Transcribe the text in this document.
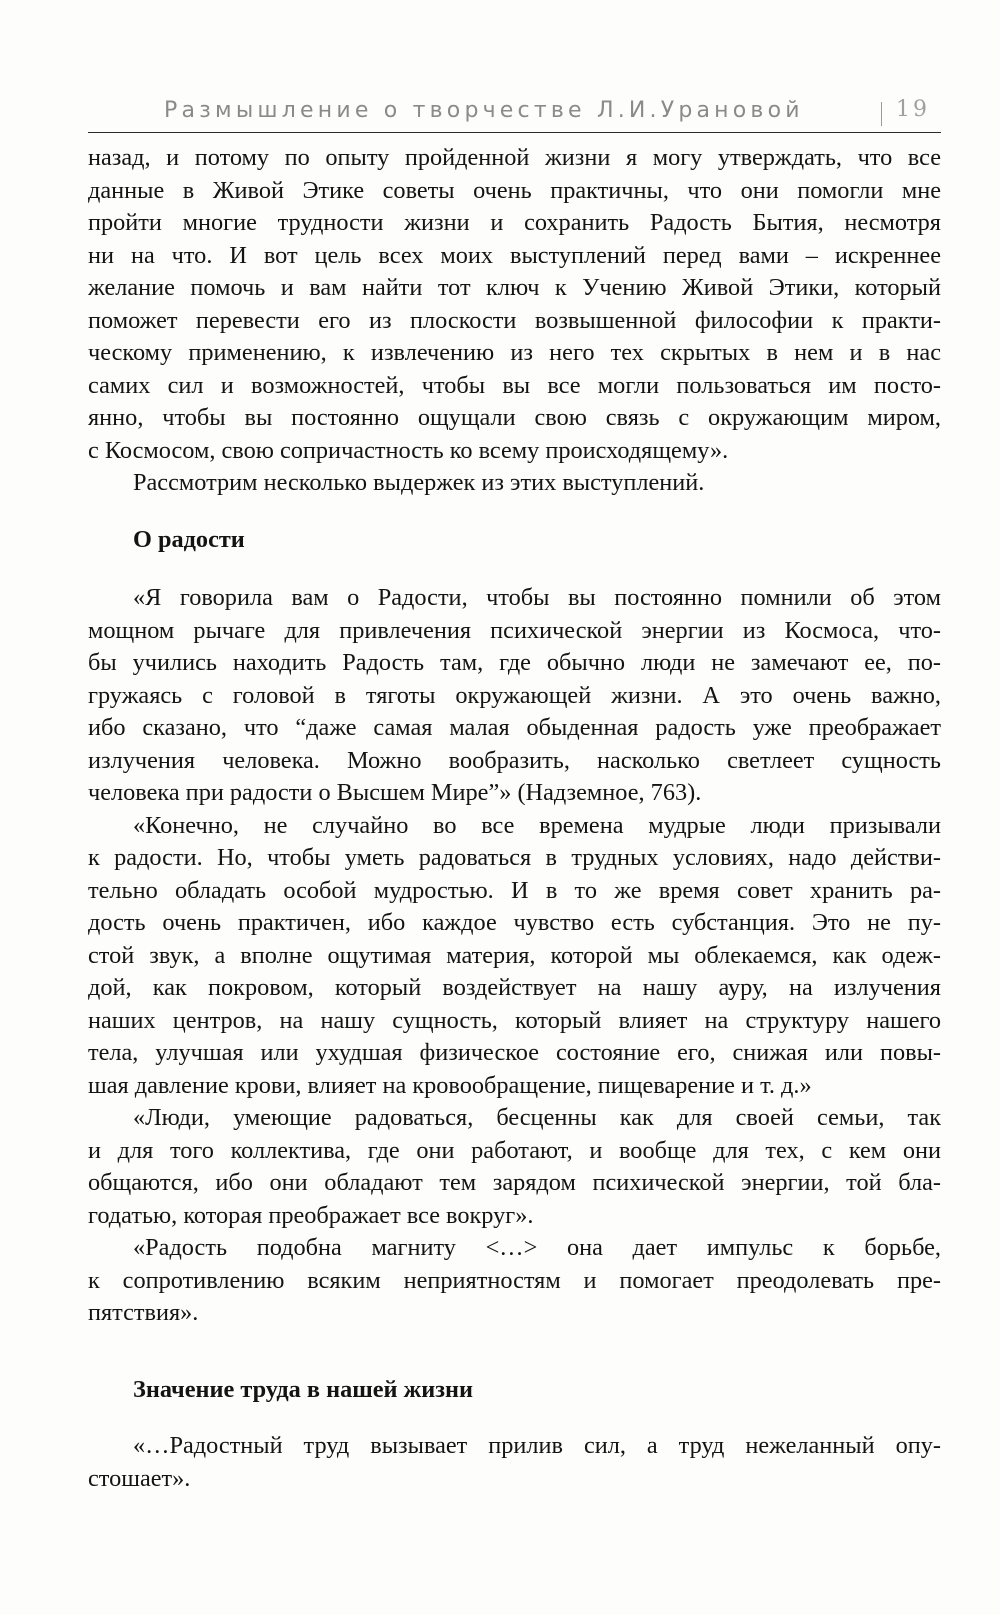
Размышление о творчестве Л.И.Урановой	19
назад, и потому по опыту пройденной жизни я могу утверждать, что все
данные в Живой Этике советы очень практичны, что они помогли мне
пройти многие трудности жизни и сохранить Радость Бытия, несмотря
ни на что. И вот цель всех моих выступлений перед вами – искреннее
желание помочь и вам найти тот ключ к Учению Живой Этики, который
поможет перевести его из плоскости возвышенной философии к практи-
ческому применению, к извлечению из него тех скрытых в нем и в нас
самих сил и возможностей, чтобы вы все могли пользоваться им посто-
янно, чтобы вы постоянно ощущали свою связь с окружающим миром,
с Космосом, свою сопричастность ко всему происходящему».
Рассмотрим несколько выдержек из этих выступлений.
О радости
«Я говорила вам о Радости, чтобы вы постоянно помнили об этом
мощном рычаге для привлечения психической энергии из Космоса, что-
бы учились находить Радость там, где обычно люди не замечают ее, по-
гружаясь с головой в тяготы окружающей жизни. А это очень важно,
ибо сказано, что “даже самая малая обыденная радость уже преображает
излучения человека. Можно вообразить, насколько светлеет сущность
человека при радости о Высшем Мире”» (Надземное, 763).
«Конечно, не случайно во все времена мудрые люди призывали
к радости. Но, чтобы уметь радоваться в трудных условиях, надо действи-
тельно обладать особой мудростью. И в то же время совет хранить ра-
дость очень практичен, ибо каждое чувство есть субстанция. Это не пу-
стой звук, а вполне ощутимая материя, которой мы облекаемся, как одеж-
дой, как покровом, который воздействует на нашу ауру, на излучения
наших центров, на нашу сущность, который влияет на структуру нашего
тела, улучшая или ухудшая физическое состояние его, снижая или повы-
шая давление крови, влияет на кровообращение, пищеварение и т. д.»
«Люди, умеющие радоваться, бесценны как для своей семьи, так
и для того коллектива, где они работают, и вообще для тех, с кем они
общаются, ибо они обладают тем зарядом психической энергии, той бла-
годатью, которая преображает все вокруг».
«Радость подобна магниту <…> она дает импульс к борьбе,
к сопротивлению всяким неприятностям и помогает преодолевать пре-
пятствия».
Значение труда в нашей жизни
«…Радостный труд вызывает прилив сил, а труд нежеланный опу-
стошает».
